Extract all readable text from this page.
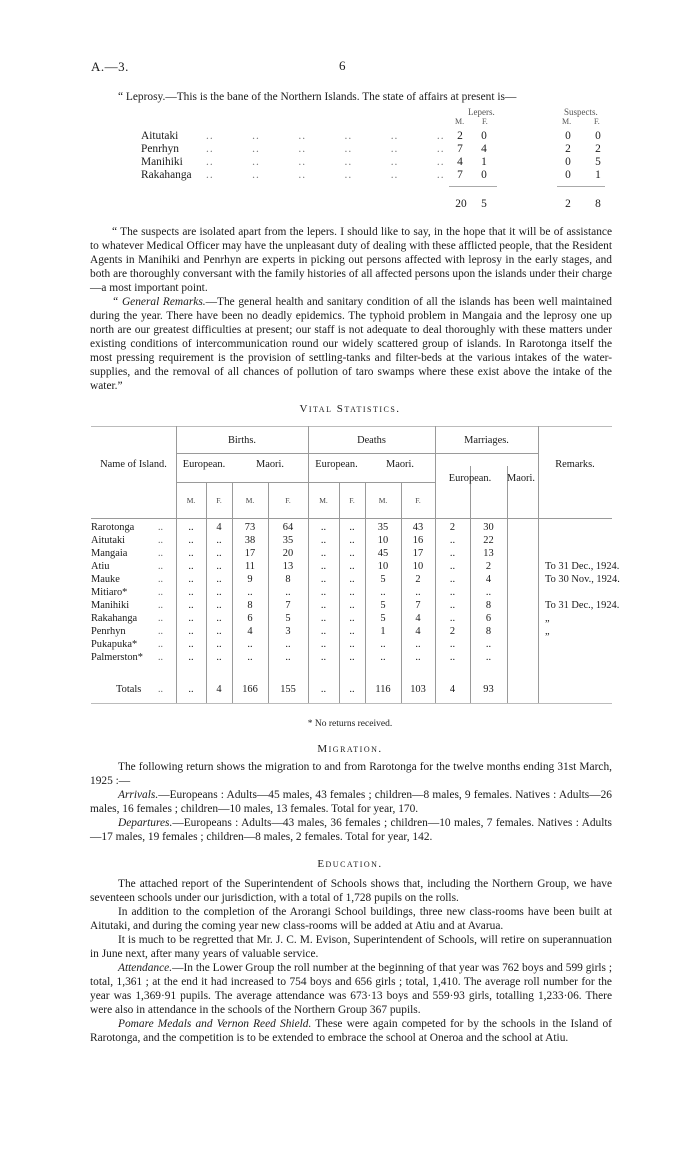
A.—3.	6
“ Leprosy.—This is the bane of the Northern Islands. The state of affairs at present is—
Lepers.	Suspects.
M. F.	M.	F.
Aitutaki ..          ..          ..          ..          ..          ..	2	0	0	0
Penrhyn ..          ..          ..          ..          ..          ..	7	4	2	2
Manihiki ..          ..          ..          ..          ..          ..	4	1	0	5
Rakahanga ..          ..          ..          ..          ..          ..	7	0	0	1
20	5	2	8

“ The suspects are isolated apart from the lepers. I should like to say, in the hope that it will be of assistance to whatever Medical Officer may have the unpleasant duty of dealing with these afflicted people, that the Resident Agents in Manihiki and Penrhyn are experts in picking out persons affected with leprosy in the early stages, and both are thoroughly conversant with the family histories of all affected persons upon the islands under their charge—a most important point.

“ General Remarks.—The general health and sanitary condition of all the islands has been well maintained during the year. There have been no deadly epidemics. The typhoid problem in Mangaia and the leprosy one up north are our greatest difficulties at present; our staff is not adequate to deal thoroughly with these matters under existing conditions of intercommunication round our widely scattered group of islands. In Rarotonga itself the most pressing requirement is the provision of settling-tanks and filter-beds at the various intakes of the water-supplies, and the removal of all chances of pollution of taro swamps where these exist above the intake of the water.”

Vital Statistics.
Name of Island.
Births.	Deaths	Marriages.
Remarks.
European.	Maori.	European.	Maori.
European.	Maori.
M.	F.	M.	F.	M.	F.	M.	F.
Rarotonga ..	..	4	73	64	..	..	35	43	2	30
Aitutaki	..	..	..	38	35	..	..	10	16	..	22
Mangaia	..	..	..	17	20	..	..	45	17	..	13
Atiu	..	..	..	11	13	..	..	10	10	..	2	To 31 Dec., 1924.
Mauke	..	..	..	9	8	..	..	5	2	..	4	To 30 Nov., 1924.
Mitiaro*	..	..	..	..	..	..	..	..	..	..	..
Manihiki	..	..	..	8	7	..	..	5	7	..	8	To 31 Dec., 1924.
Rakahanga ..	..	..	6	5	..	..	5	4	..	6	„
Penrhyn	..	..	..	4	3	..	..	1	4	2	8	„
Pukapuka* ..	..	..	..	..	..	..	..	..	..	..
Palmerston* ..	..	..	..	..	..	..	..	..	..	..
Totals ..	..	4	166	155	..	..	116	103	4	93
* No returns received.
Migration.

The following return shows the migration to and from Rarotonga for the twelve months ending 31st March, 1925 :—

Arrivals.—Europeans : Adults—45 males, 43 females ; children—8 males, 9 females. Natives : Adults—26 males, 16 females ; children—10 males, 13 females. Total for year, 170.

Departures.—Europeans : Adults—43 males, 36 females ; children—10 males, 7 females. Natives : Adults—17 males, 19 females ; children—8 males, 2 females. Total for year, 142.

Education.

The attached report of the Superintendent of Schools shows that, including the Northern Group, we have seventeen schools under our jurisdiction, with a total of 1,728 pupils on the rolls.

In addition to the completion of the Arorangi School buildings, three new class-rooms have been built at Aitutaki, and during the coming year new class-rooms will be added at Atiu and at Avarua.

It is much to be regretted that Mr. J. C. M. Evison, Superintendent of Schools, will retire on superannuation in June next, after many years of valuable service.

Attendance.—In the Lower Group the roll number at the beginning of that year was 762 boys and 599 girls ; total, 1,361 ; at the end it had increased to 754 boys and 656 girls ; total, 1,410. The average roll number for the year was 1,369·91 pupils. The average attendance was 673·13 boys and 559·93 girls, totalling 1,233·06. There were also in attendance in the schools of the Northern Group 367 pupils.

Pomare Medals and Vernon Reed Shield. These were again competed for by the schools in the Island of Rarotonga, and the competition is to be extended to embrace the school at Oneroa and the school at Atiu.
